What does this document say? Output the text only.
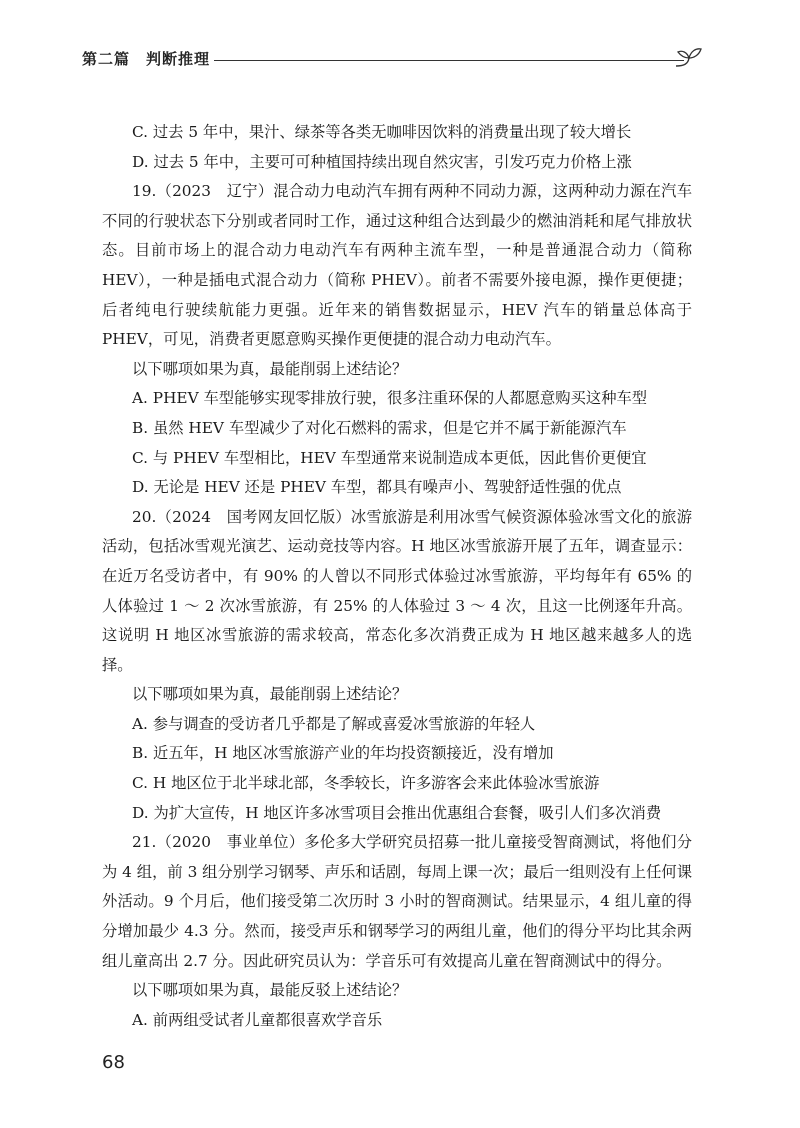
第二篇　判断推理

C. 过去 5 年中，果汁、绿茶等各类无咖啡因饮料的消费量出现了较大增长

D. 过去 5 年中，主要可可种植国持续出现自然灾害，引发巧克力价格上涨

19.（2023　辽宁）混合动力电动汽车拥有两种不同动力源，这两种动力源在汽车不同的行驶状态下分别或者同时工作，通过这种组合达到最少的燃油消耗和尾气排放状态。目前市场上的混合动力电动汽车有两种主流车型，一种是普通混合动力（简称 HEV），一种是插电式混合动力（简称 PHEV）。前者不需要外接电源，操作更便捷；后者纯电行驶续航能力更强。近年来的销售数据显示，HEV 汽车的销量总体高于 PHEV，可见，消费者更愿意购买操作更便捷的混合动力电动汽车。

以下哪项如果为真，最能削弱上述结论？

A. PHEV 车型能够实现零排放行驶，很多注重环保的人都愿意购买这种车型

B. 虽然 HEV 车型减少了对化石燃料的需求，但是它并不属于新能源汽车

C. 与 PHEV 车型相比，HEV 车型通常来说制造成本更低，因此售价更便宜

D. 无论是 HEV 还是 PHEV 车型，都具有噪声小、驾驶舒适性强的优点

20.（2024　国考网友回忆版）冰雪旅游是利用冰雪气候资源体验冰雪文化的旅游活动，包括冰雪观光演艺、运动竞技等内容。H 地区冰雪旅游开展了五年，调查显示：在近万名受访者中，有 90% 的人曾以不同形式体验过冰雪旅游，平均每年有 65% 的人体验过 1 ～ 2 次冰雪旅游，有 25% 的人体验过 3 ～ 4 次，且这一比例逐年升高。这说明 H 地区冰雪旅游的需求较高，常态化多次消费正成为 H 地区越来越多人的选择。

以下哪项如果为真，最能削弱上述结论？

A. 参与调查的受访者几乎都是了解或喜爱冰雪旅游的年轻人

B. 近五年，H 地区冰雪旅游产业的年均投资额接近，没有增加

C. H 地区位于北半球北部，冬季较长，许多游客会来此体验冰雪旅游

D. 为扩大宣传，H 地区许多冰雪项目会推出优惠组合套餐，吸引人们多次消费

21.（2020　事业单位）多伦多大学研究员招募一批儿童接受智商测试，将他们分为 4 组，前 3 组分别学习钢琴、声乐和话剧，每周上课一次；最后一组则没有上任何课外活动。9 个月后，他们接受第二次历时 3 小时的智商测试。结果显示，4 组儿童的得分增加最少 4.3 分。然而，接受声乐和钢琴学习的两组儿童，他们的得分平均比其余两组儿童高出 2.7 分。因此研究员认为：学音乐可有效提高儿童在智商测试中的得分。

以下哪项如果为真，最能反驳上述结论？

A. 前两组受试者儿童都很喜欢学音乐

68
